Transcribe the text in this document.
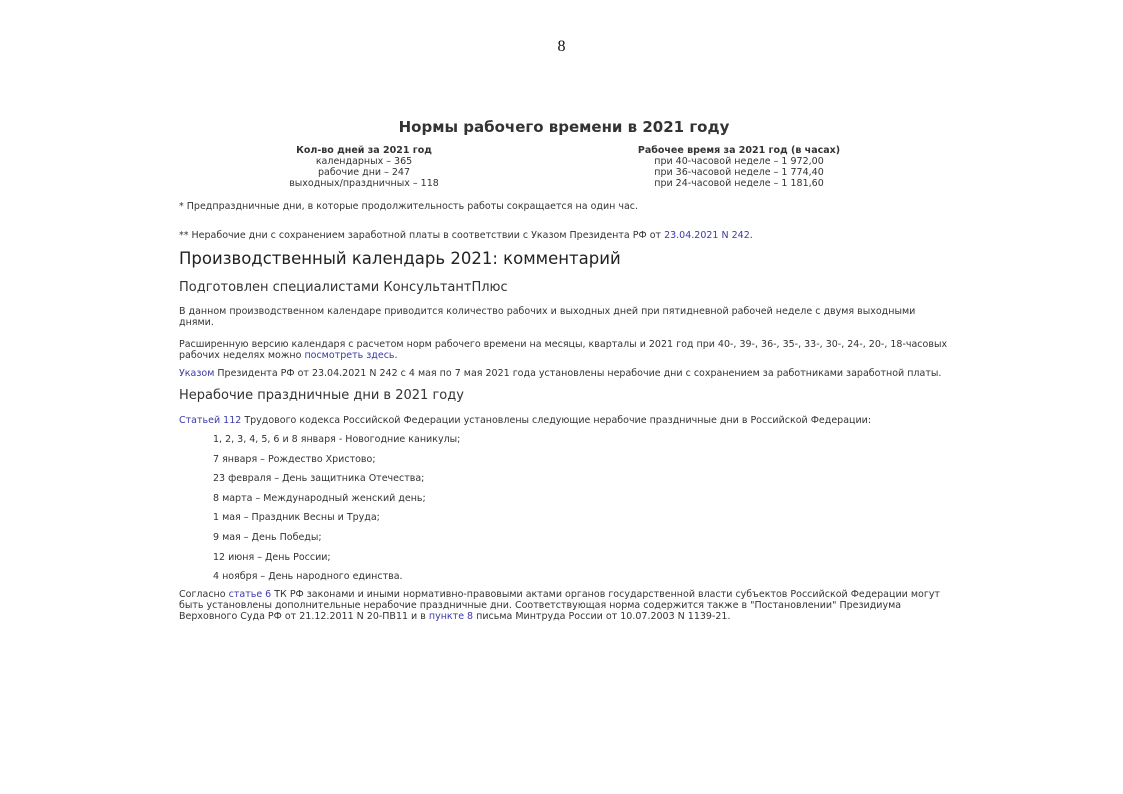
8
Нормы рабочего времени в 2021 году
Кол-во дней за 2021 год
календарных – 365
рабочие дни – 247
выходных/праздничных – 118
Рабочее время за 2021 год (в часах)
при 40-часовой неделе – 1 972,00
при 36-часовой неделе – 1 774,40
при 24-часовой неделе – 1 181,60

* Предпраздничные дни, в которые продолжительность работы сокращается на один час.

** Нерабочие дни с сохранением заработной платы в соответствии с Указом Президента РФ от 23.04.2021 N 242.

Производственный календарь 2021: комментарий
Подготовлен специалистами КонсультантПлюс

В данном производственном календаре приводится количество рабочих и выходных дней при пятидневной рабочей неделе с двумя выходными днями.

Расширенную версию календаря с расчетом норм рабочего времени на месяцы, кварталы и 2021 год при 40-, 39-, 36-, 35-, 33-, 30-, 24-, 20-, 18-часовых рабочих неделях можно посмотреть здесь.

Указом Президента РФ от 23.04.2021 N 242 с 4 мая по 7 мая 2021 года установлены нерабочие дни с сохранением за работниками заработной платы.

Нерабочие праздничные дни в 2021 году

Статьей 112 Трудового кодекса Российской Федерации установлены следующие нерабочие праздничные дни в Российской Федерации:

1, 2, 3, 4, 5, 6 и 8 января - Новогодние каникулы;
7 января – Рождество Христово;
23 февраля – День защитника Отечества;
8 марта – Международный женский день;
1 мая – Праздник Весны и Труда;
9 мая – День Победы;
12 июня – День России;
4 ноября – День народного единства.

Согласно статье 6 ТК РФ законами и иными нормативно-правовыми актами органов государственной власти субъектов Российской Федерации могут быть установлены дополнительные нерабочие праздничные дни. Соответствующая норма содержится также в "Постановлении" Президиума Верховного Суда РФ от 21.12.2011 N 20-ПВ11 и в пункте 8 письма Минтруда России от 10.07.2003 N 1139-21.
